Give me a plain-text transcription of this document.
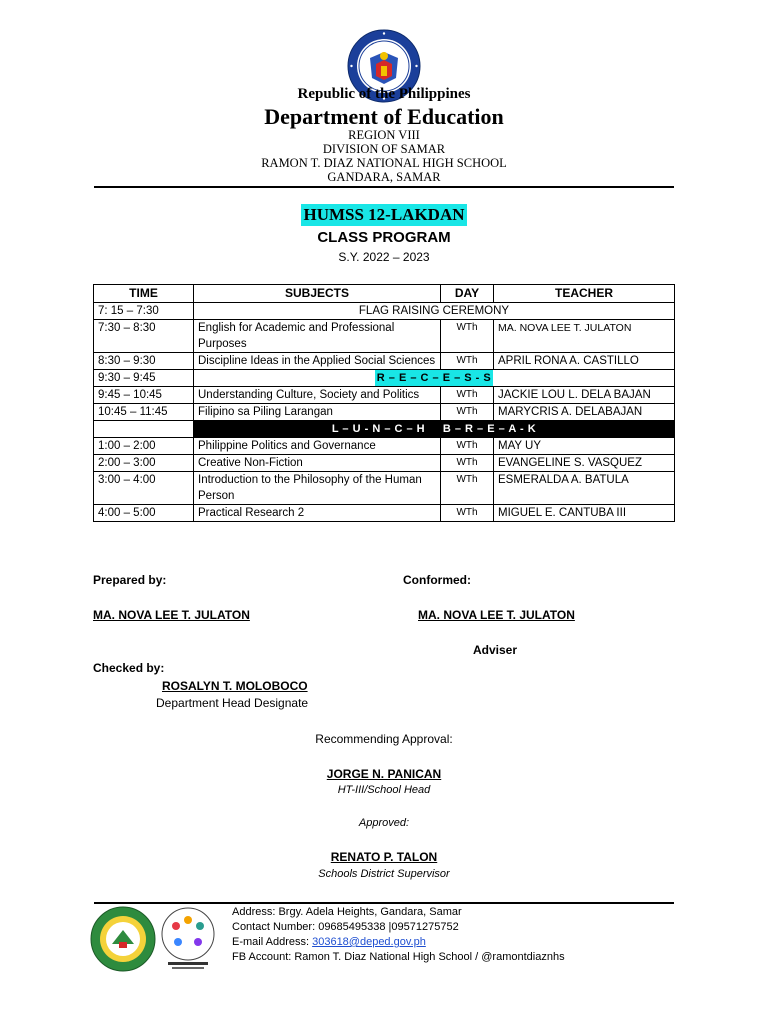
Republic of the Philippines
Department of Education
REGION VIII
DIVISION OF SAMAR
RAMON T. DIAZ NATIONAL HIGH SCHOOL
GANDARA, SAMAR
HUMSS 12-LAKDAN
CLASS PROGRAM
S.Y. 2022 – 2023
TIME	SUBJECTS	DAY	TEACHER
7: 15 – 7:30	FLAG RAISING CEREMONY		
7:30 – 8:30	English for Academic and Professional Purposes	WTh	MA. NOVA LEE T. JULATON
8:30 – 9:30	Discipline Ideas in the Applied Social Sciences	WTh	APRIL RONA A. CASTILLO
9:30 – 9:45	R – E – C – E – S - S		
9:45 – 10:45	Understanding Culture, Society and Politics	WTh	JACKIE LOU L. DELA BAJAN
10:45 – 11:45	Filipino sa Piling Larangan	WTh	MARYCRIS A. DELABAJAN
	L – U - N – C – H     B – R – E – A - K		
1:00 – 2:00	Philippine Politics and Governance	WTh	MAY UY
2:00 – 3:00	Creative Non-Fiction	WTh	EVANGELINE S. VASQUEZ
3:00 – 4:00	Introduction to the Philosophy of the Human Person	WTh	ESMERALDA A. BATULA
4:00 – 5:00	Practical Research 2	WTh	MIGUEL E. CANTUBA III
Prepared by:	Conformed:
MA. NOVA LEE T. JULATON	MA. NOVA LEE T. JULATON
Adviser
Checked by:
ROSALYN T. MOLOBOCO
Department Head Designate
Recommending Approval:
JORGE N. PANICAN
HT-III/School Head
Approved:
RENATO P. TALON
Schools District Supervisor
Address: Brgy. Adela Heights, Gandara, Samar
Contact Number: 09685495338 |09571275752
E-mail Address: 303618@deped.gov.ph
FB Account: Ramon T. Diaz National High School / @ramontdiaznhs
